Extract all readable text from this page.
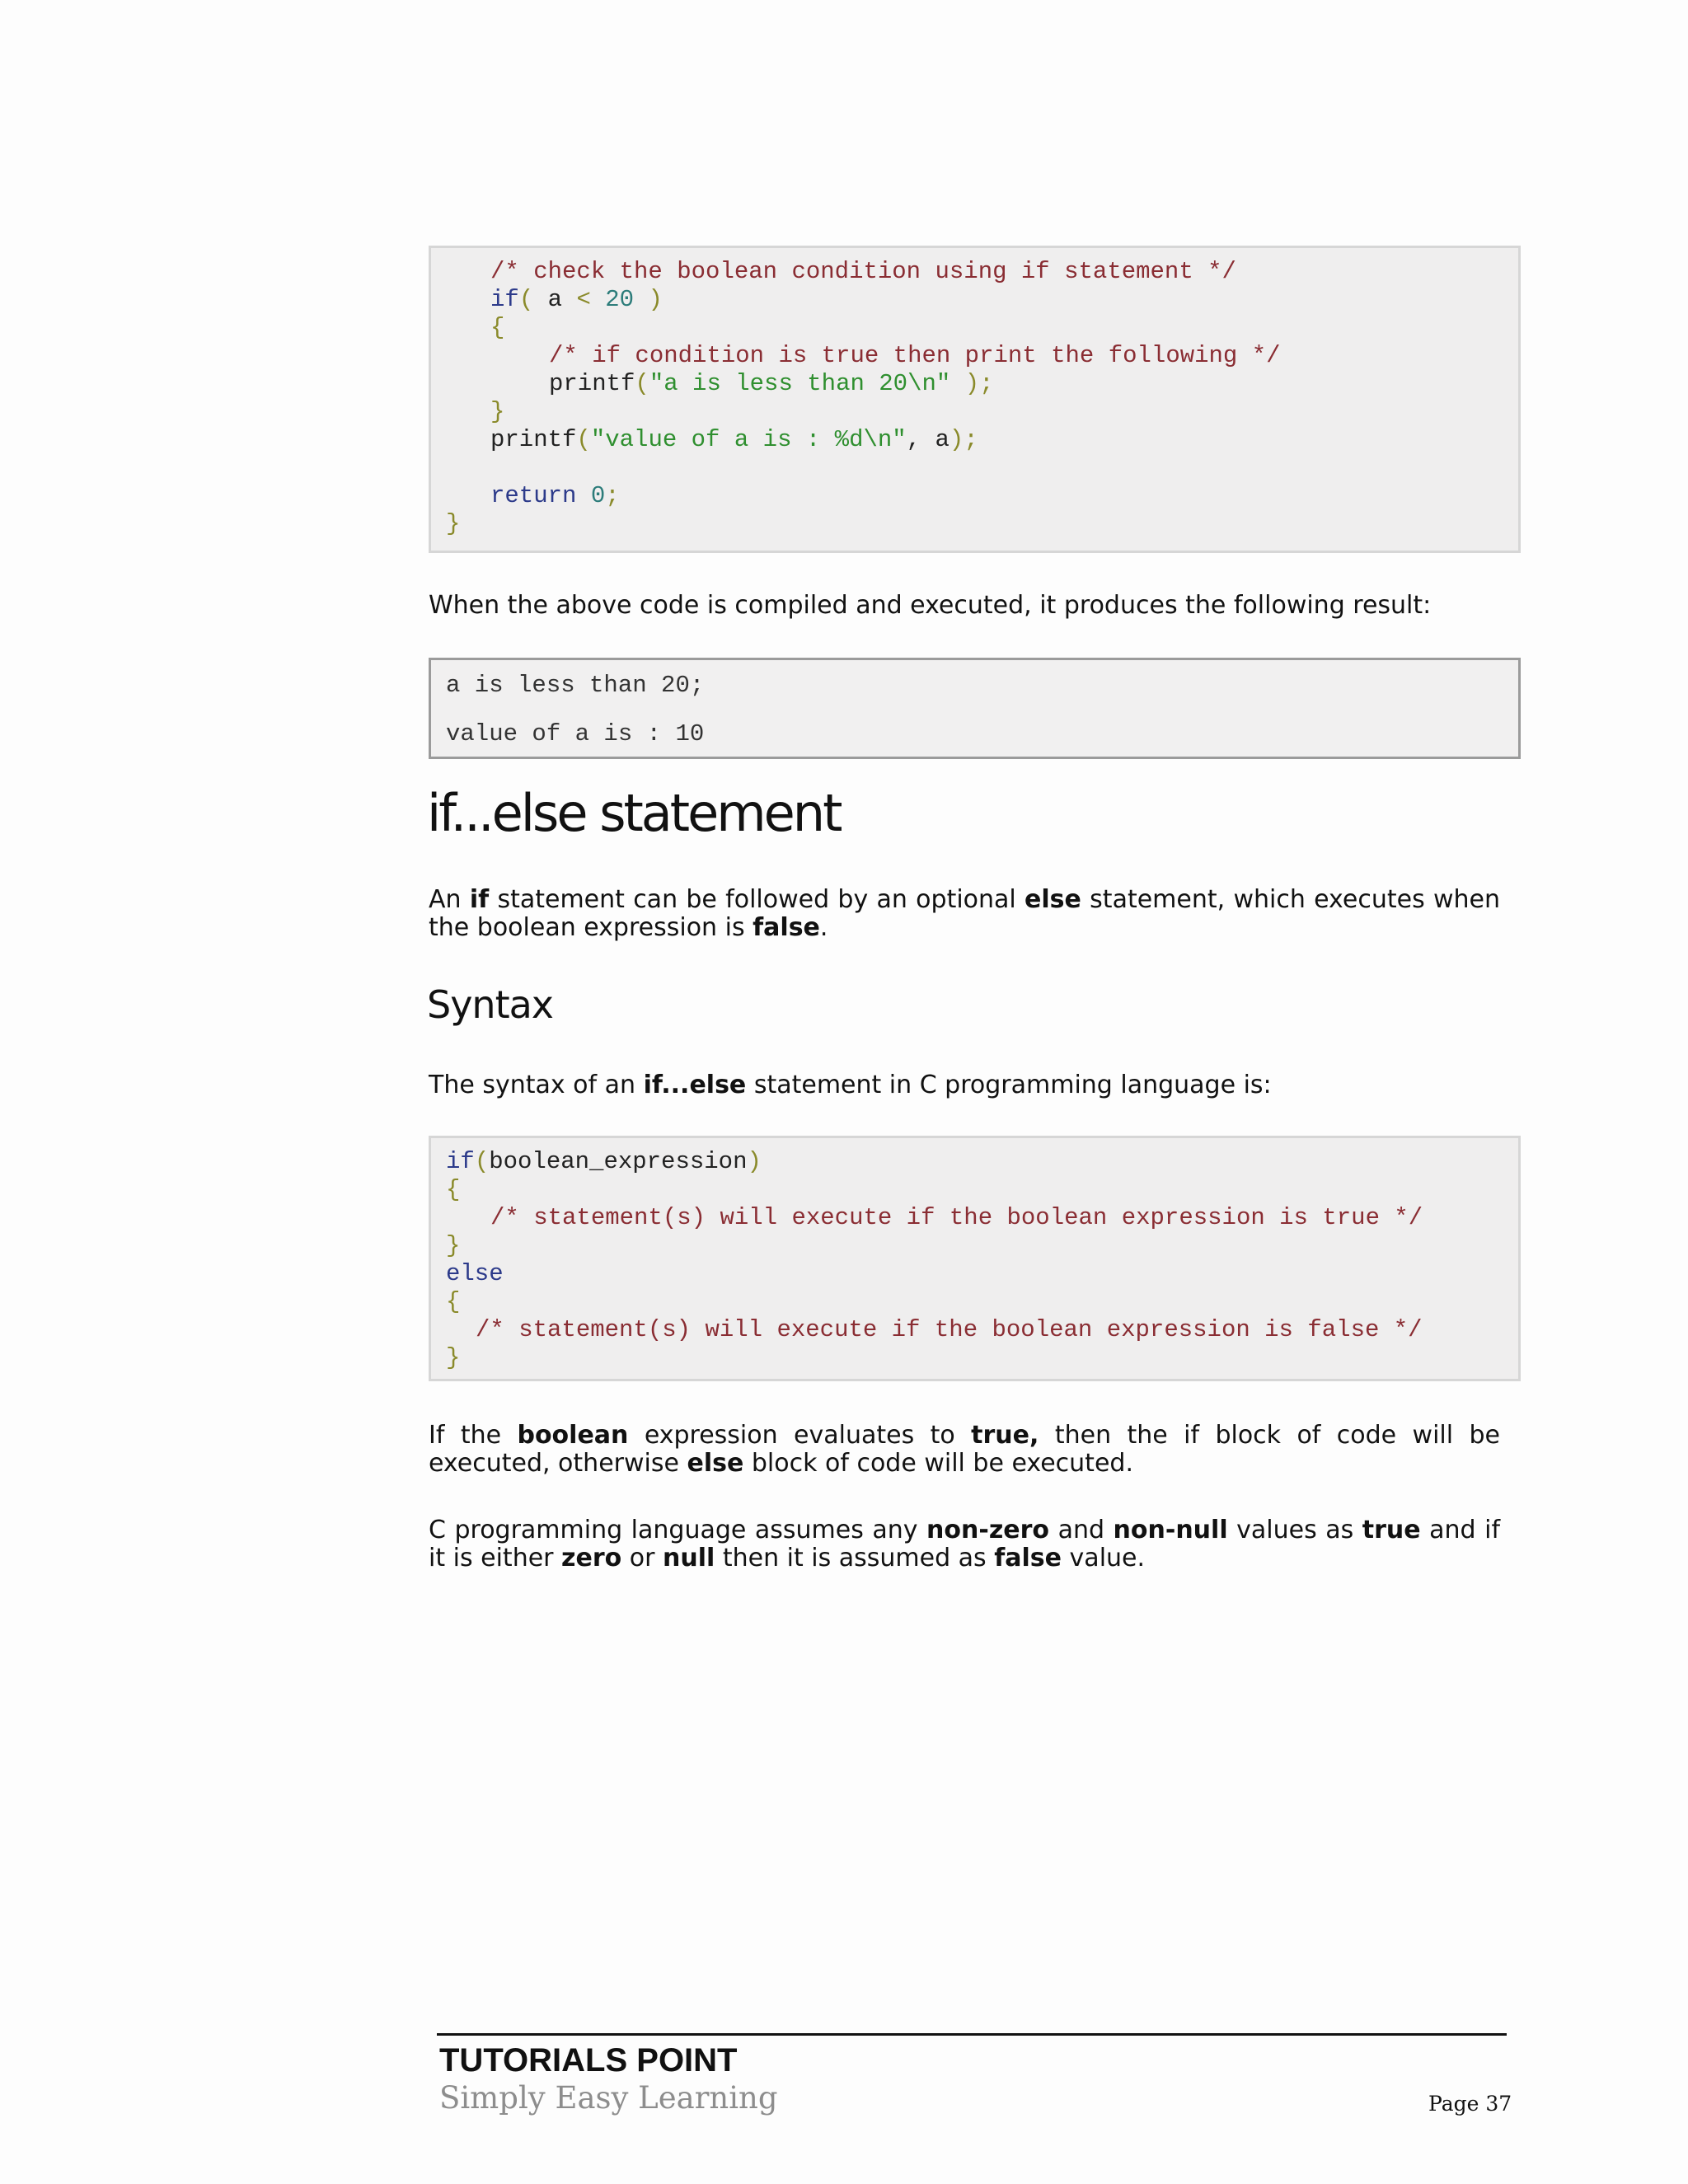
/* check the boolean condition using if statement */
if( a < 20 )
{
/* if condition is true then print the following */
printf("a is less than 20\n" );
}
printf("value of a is : %d\n", a);

return 0;
}

When the above code is compiled and executed, it produces the following result:

a is less than 20;
value of a is : 10
if...else statement

An if statement can be followed by an optional else statement, which executes when the boolean expression is false.

Syntax

The syntax of an if...else statement in C programming language is:

if(boolean_expression)
{
/* statement(s) will execute if the boolean expression is true */
}
else
{
/* statement(s) will execute if the boolean expression is false */
}

If the boolean expression evaluates to true, then the if block of code will be executed, otherwise else block of code will be executed.

C programming language assumes any non-zero and non-null values as true and if it is either zero or null then it is assumed as false value.

TUTORIALS POINT
Simply Easy Learning	Page 37
